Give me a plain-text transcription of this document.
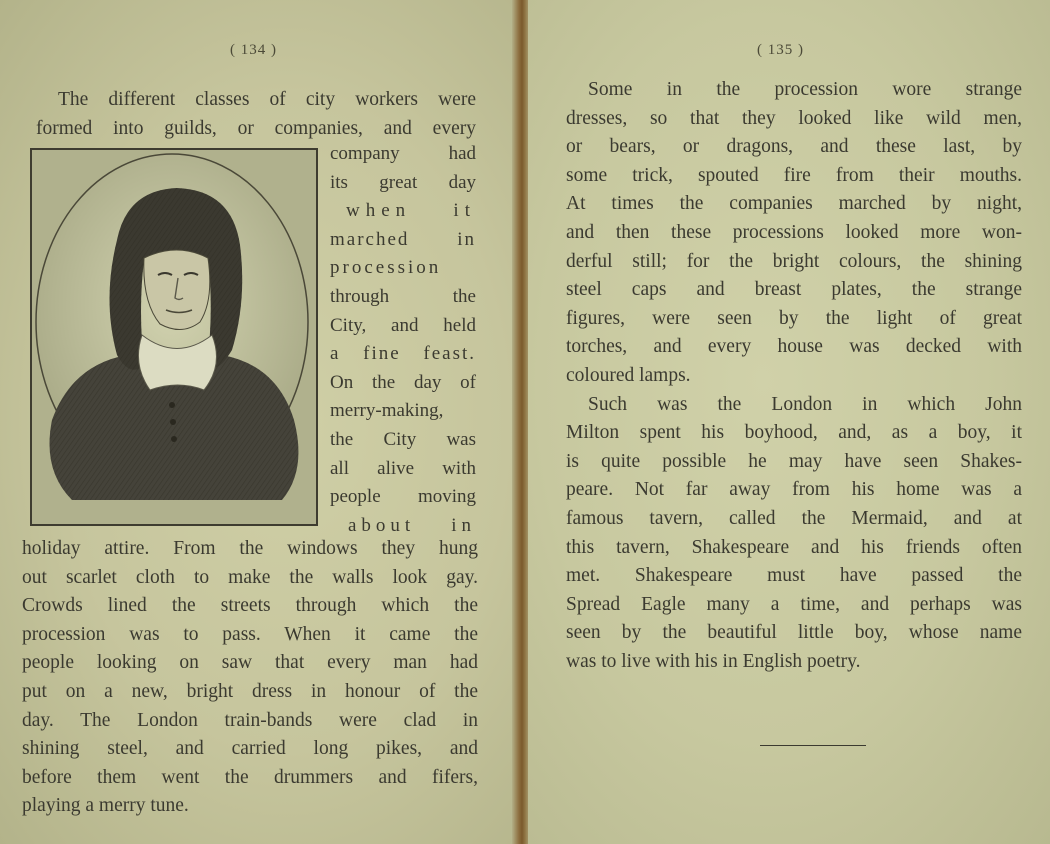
( 134 )
The different classes of city workers were
formed into guilds, or companies, and every
company had
its great day
when it
marched in
procession
through the
City, and held
a fine feast.
On the day of
merry-making,
the City was
all alive with
people moving
about in
holiday attire. From the windows they hung
out scarlet cloth to make the walls look gay.
Crowds lined the streets through which the
procession was to pass. When it came the
people looking on saw that every man had
put on a new, bright dress in honour of the
day. The London train-bands were clad in
shining steel, and carried long pikes, and
before them went the drummers and fifers,
playing a merry tune.
( 135 )
Some in the procession wore strange
dresses, so that they looked like wild men,
or bears, or dragons, and these last, by
some trick, spouted fire from their mouths.
At times the companies marched by night,
and then these processions looked more won-
derful still; for the bright colours, the shining
steel caps and breast plates, the strange
figures, were seen by the light of great
torches, and every house was decked with
coloured lamps.
Such was the London in which John
Milton spent his boyhood, and, as a boy, it
is quite possible he may have seen Shakes-
peare. Not far away from his home was a
famous tavern, called the Mermaid, and at
this tavern, Shakespeare and his friends often
met. Shakespeare must have passed the
Spread Eagle many a time, and perhaps was
seen by the beautiful little boy, whose name
was to live with his in English poetry.
